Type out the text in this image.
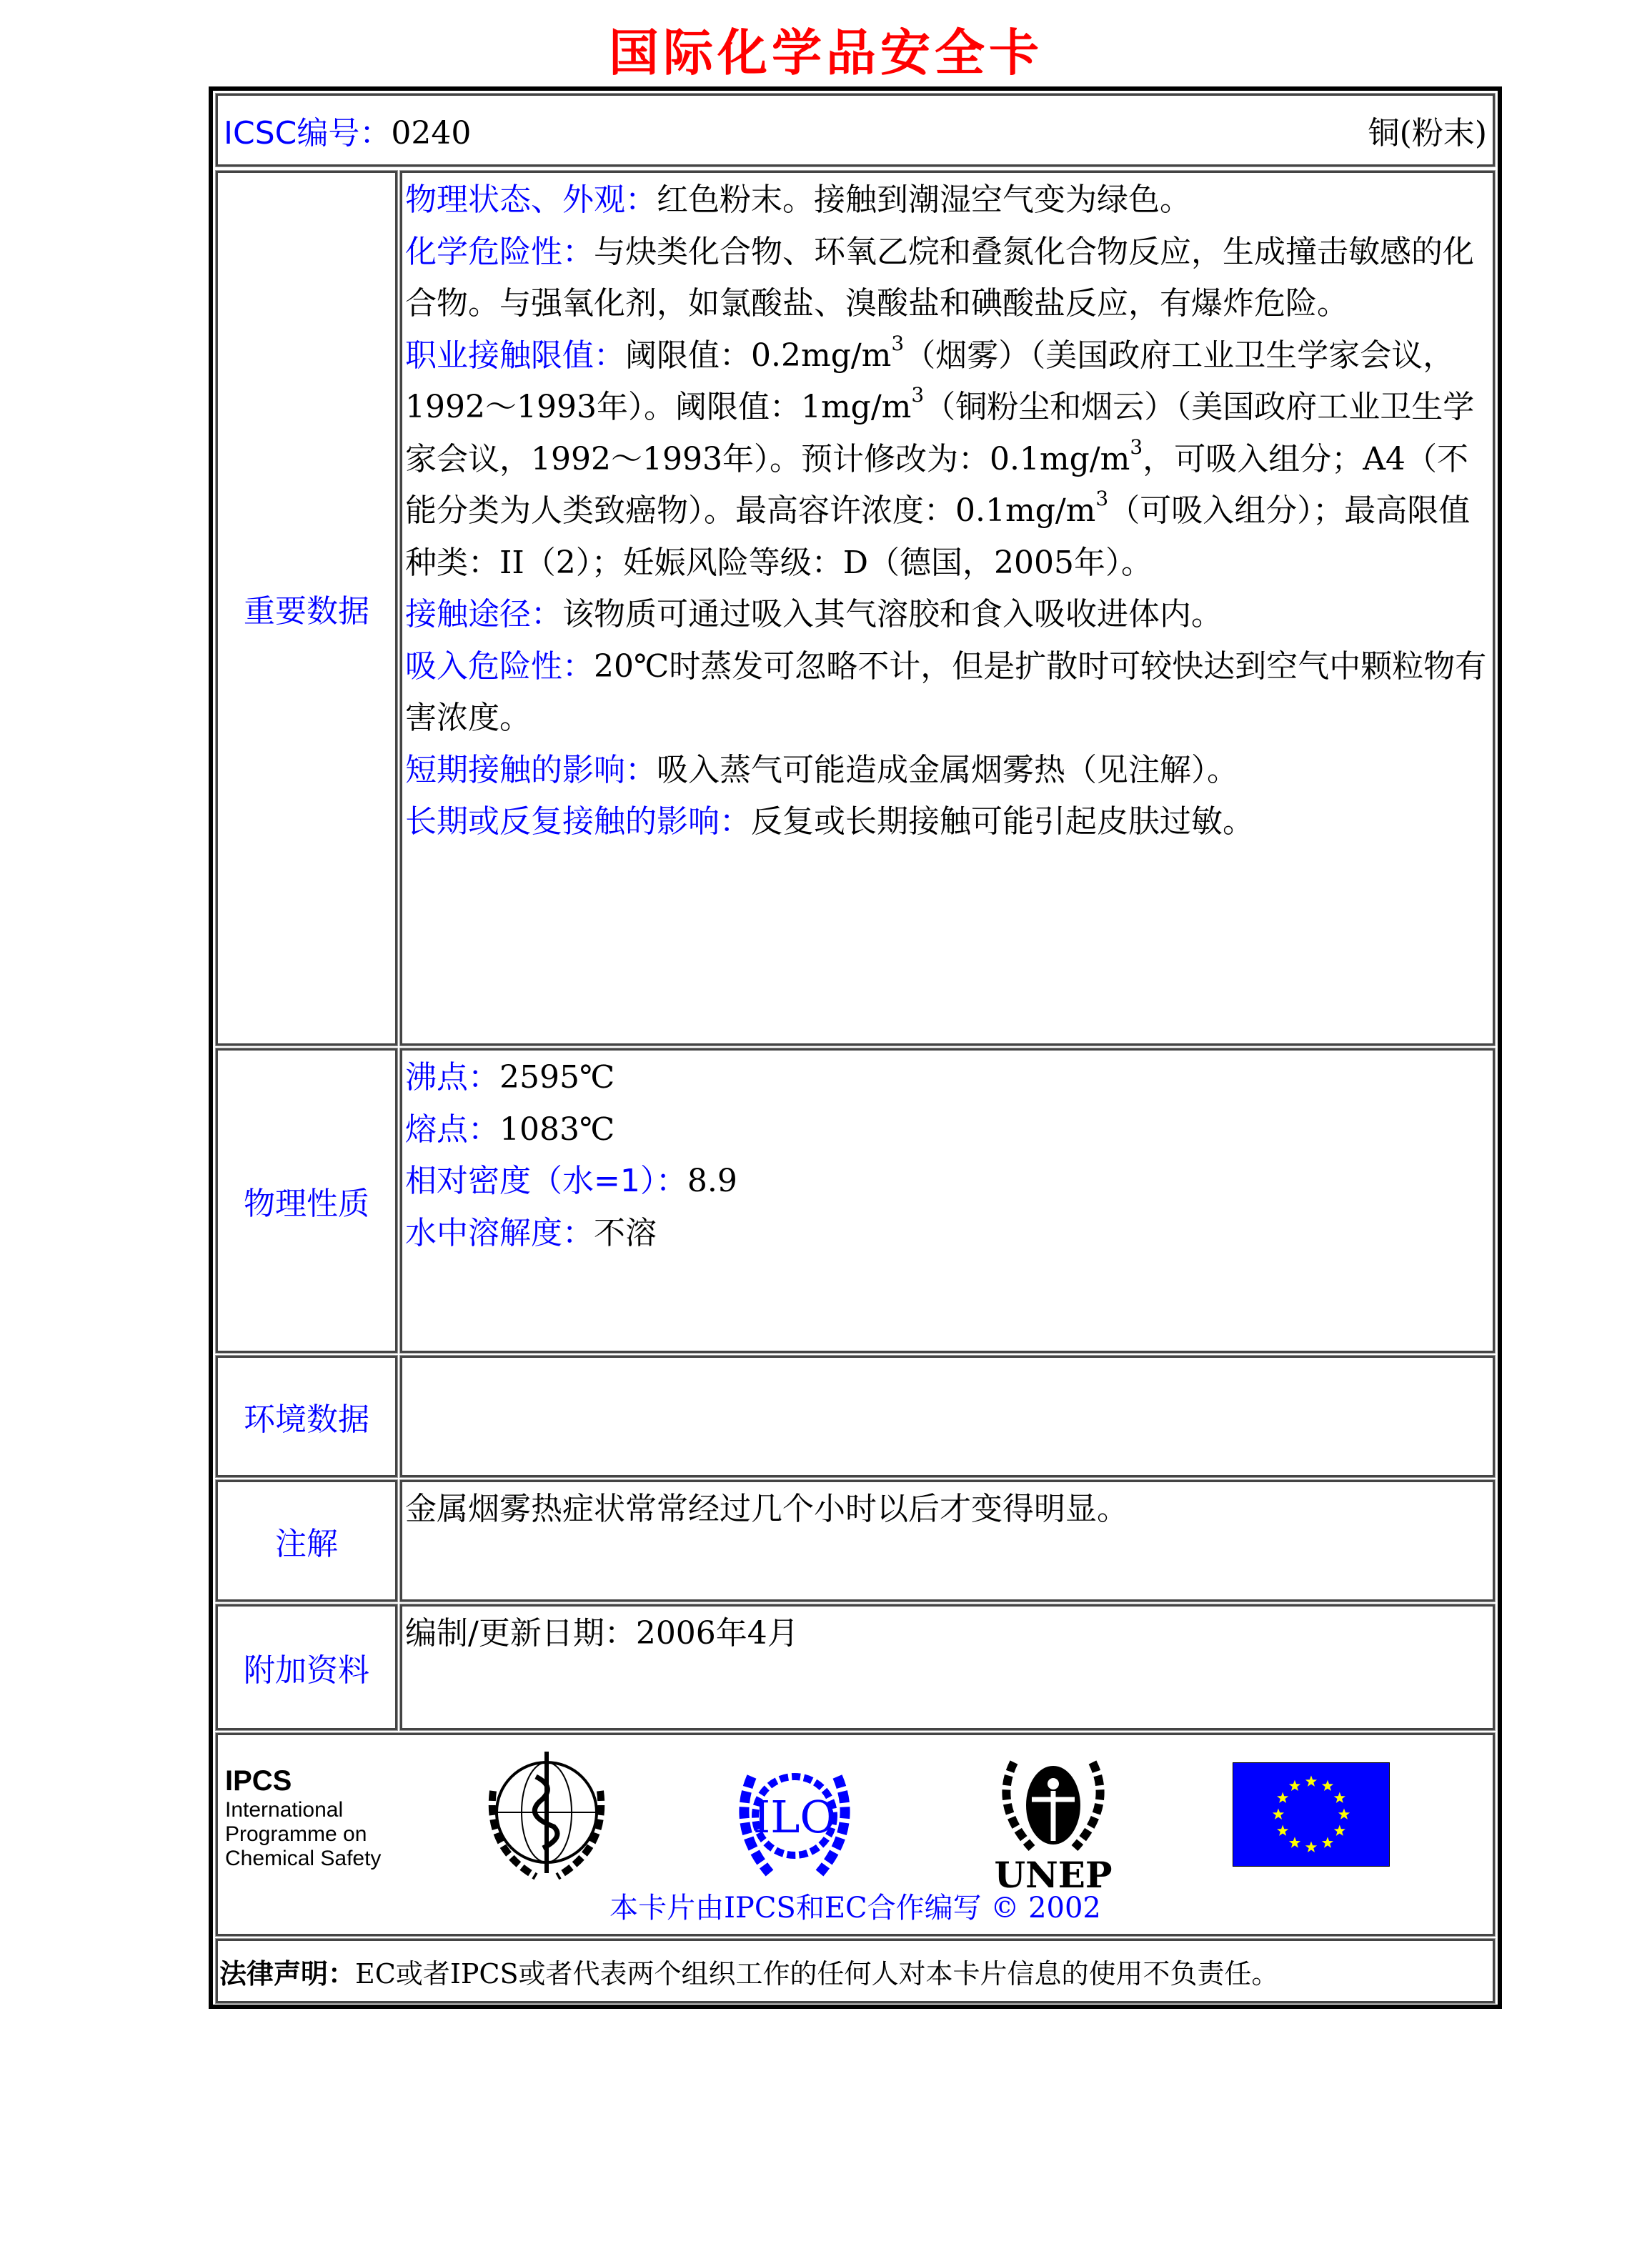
国际化学品安全卡
ICSC编号：0240	铜(粉末)
重要数据

物理状态、外观：红色粉末。接触到潮湿空气变为绿色。

化学危险性：与炔类化合物、环氧乙烷和叠氮化合物反应，生成撞击敏感的化合物。与强氧化剂，如氯酸盐、溴酸盐和碘酸盐反应，有爆炸危险。

职业接触限值：阈限值：$0.2mg/m^3$（烟雾）（美国政府工业卫生学家会议，1992～1993年）。阈限值：$1mg/m^3$（铜粉尘和烟云）（美国政府工业卫生学家会议，1992～1993年）。预计修改为：$0.1mg/m^3$，可吸入组分；A4（不能分类为人类致癌物）。最高容许浓度：$0.1mg/m^3$（可吸入组分）；最高限值种类：II（2）；妊娠风险等级：D（德国，2005年）。

接触途径：该物质可通过吸入其气溶胶和食入吸收进体内。

吸入危险性：20℃时蒸发可忽略不计，但是扩散时可较快达到空气中颗粒物有害浓度。

短期接触的影响：吸入蒸气可能造成金属烟雾热（见注解）。

长期或反复接触的影响：反复或长期接触可能引起皮肤过敏。

物理性质

沸点：2595℃

熔点：1083℃

相对密度（水=1）：8.9

水中溶解度：不溶

环境数据
注解

金属烟雾热症状常常经过几个小时以后才变得明显。

附加资料

编制/更新日期：2006年4月

IPCS
International
Programme on
Chemical Safety
ILO
UNEP
本卡片由IPCS和EC合作编写 © 2002
法律声明： EC或者IPCS或者代表两个组织工作的任何人对本卡片信息的使用不负责任。
